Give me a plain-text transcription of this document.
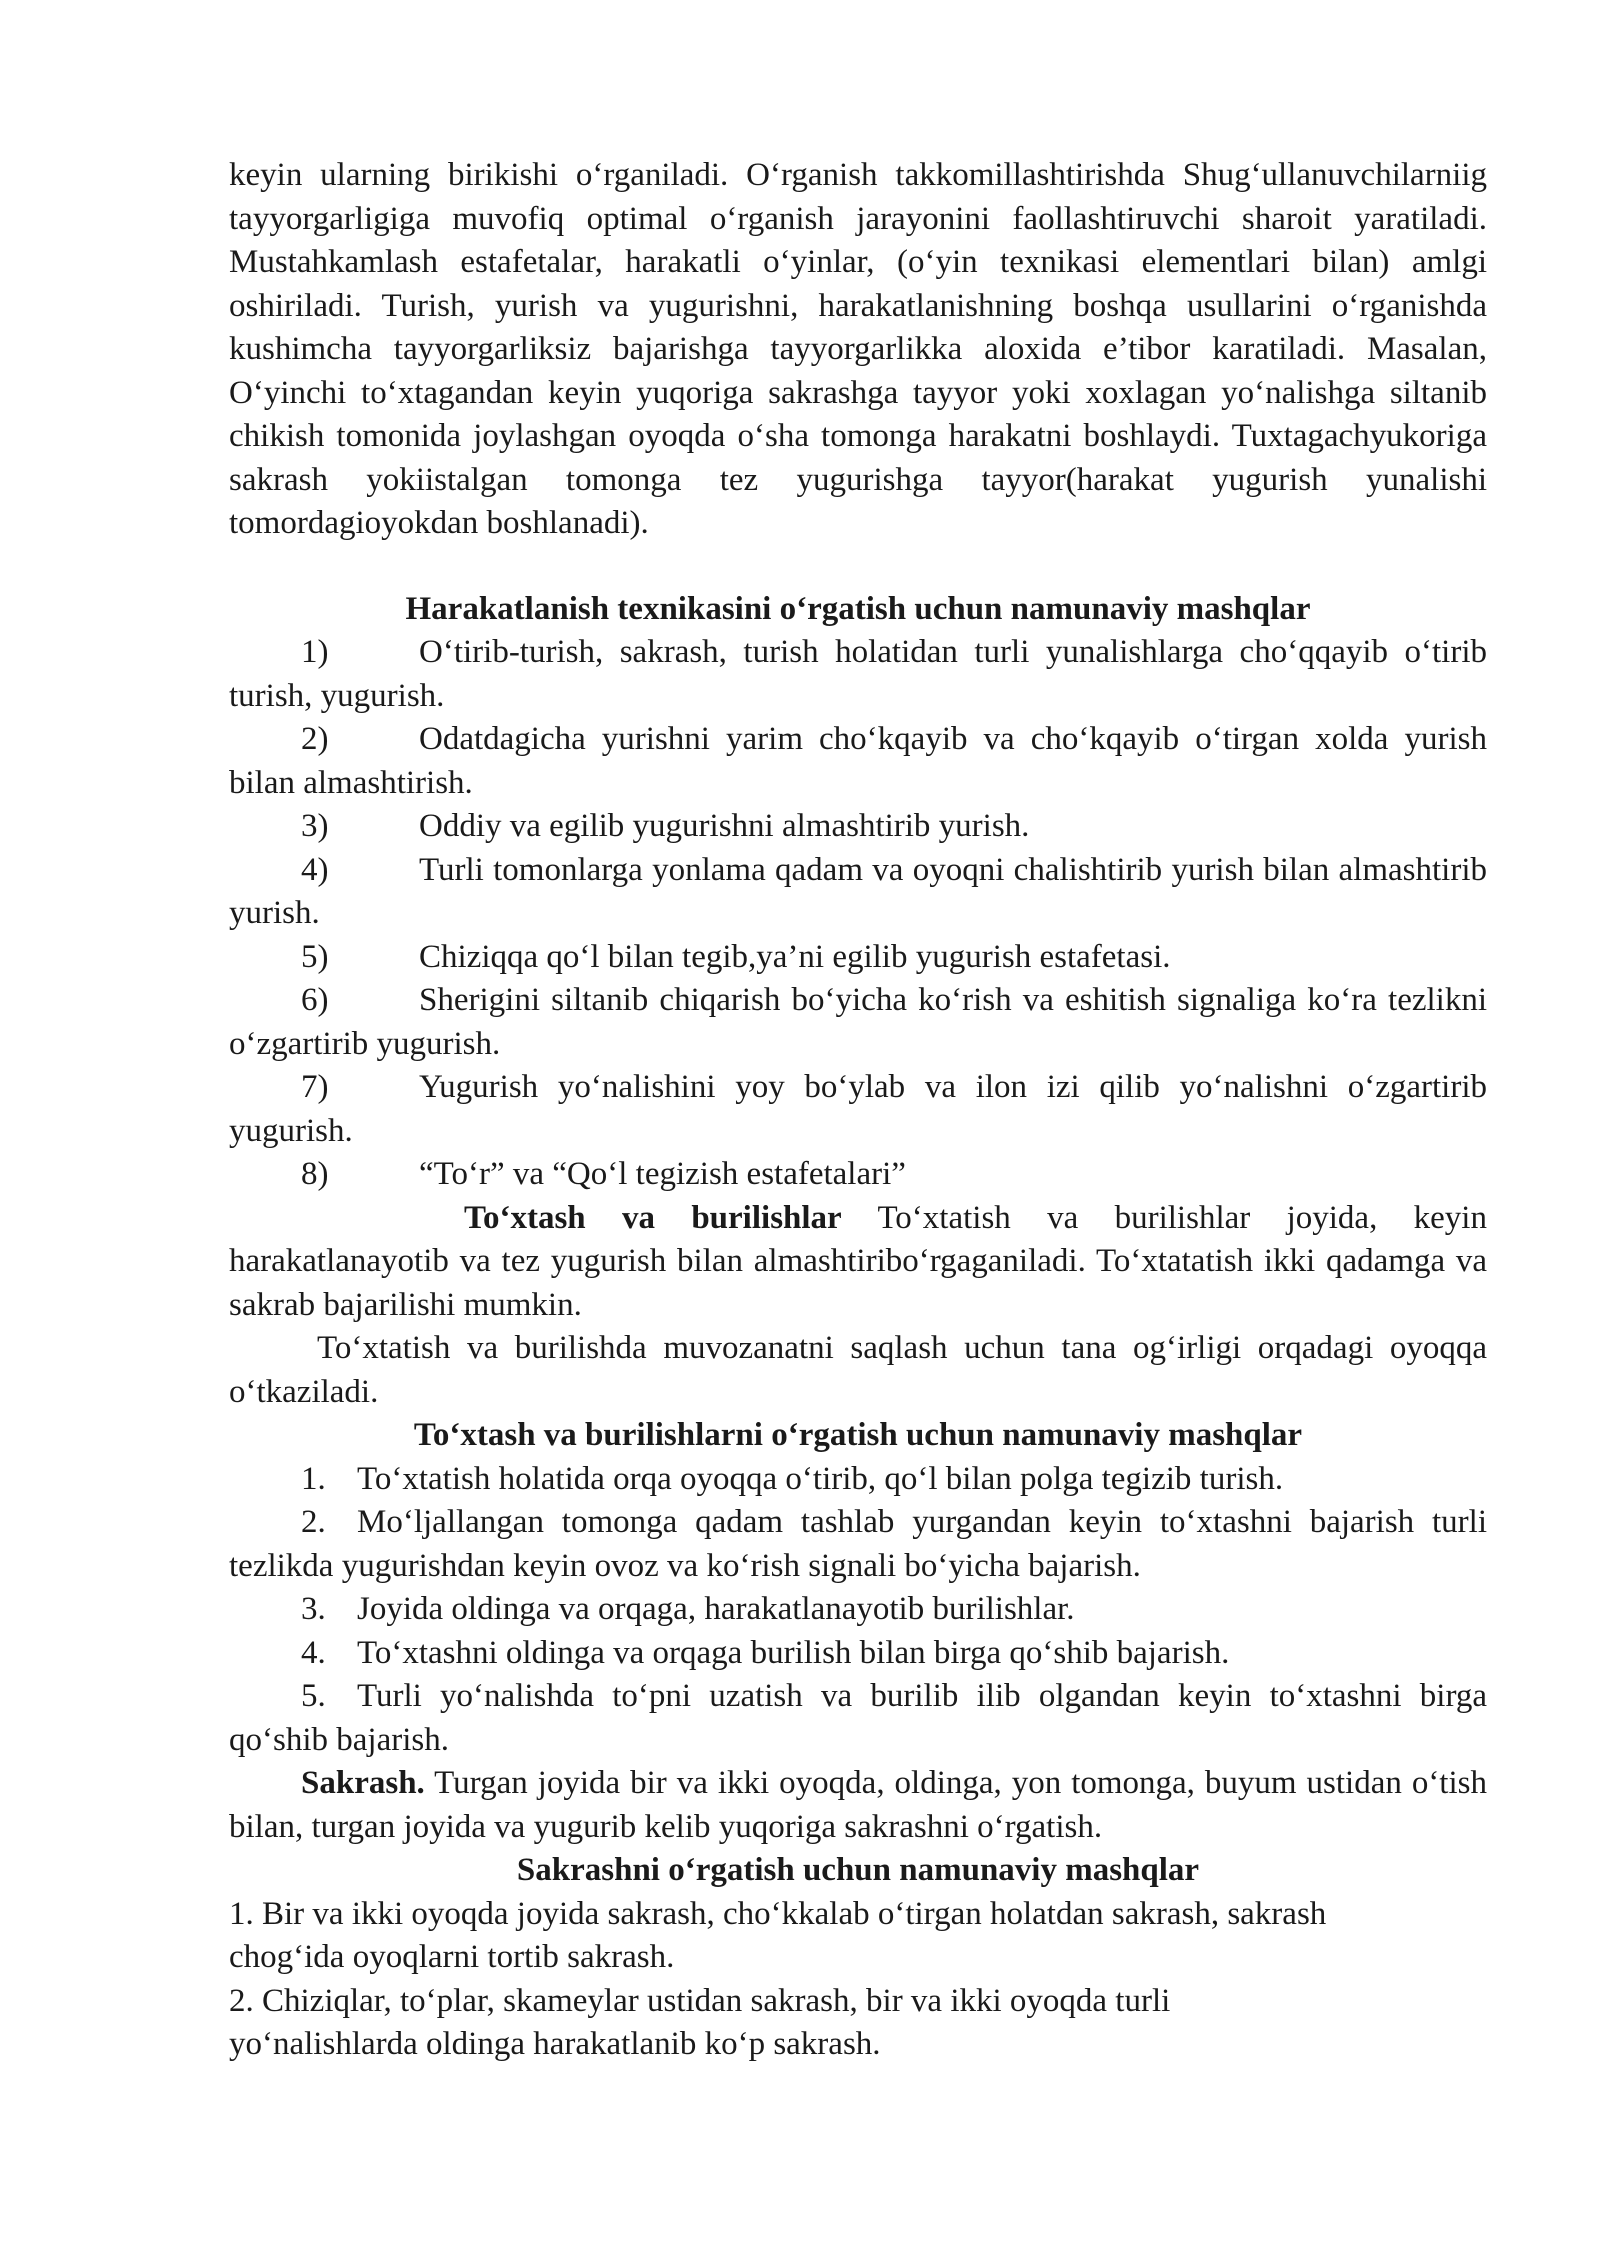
keyin ularning birikishi o‘rganiladi. O‘rganish takkomillashtirishda Shug‘ullanuvchilarniig tayyorgarligiga muvofiq optimal o‘rganish jarayonini faollashtiruvchi sharoit yaratiladi. Mustahkamlash estafetalar, harakatli o‘yinlar, (o‘yin texnikasi elementlari bilan) amlgi oshiriladi. Turish, yurish va yugurishni, harakatlanishning boshqa usullarini o‘rganishda kushimcha tayyorgarliksiz bajarishga tayyorgarlikka aloxida e’tibor karatiladi. Masalan, O‘yinchi to‘xtagandan keyin yuqoriga sakrashga tayyor yoki xoxlagan yo‘nalishga siltanib chikish tomonida joylashgan oyoqda o‘sha tomonga harakatni boshlaydi. Tuxtagachyukoriga sakrash yokiistalgan tomonga tez yugurishga tayyor(harakat yugurish yunalishi tomordagioyokdan boshlanadi).

Harakatlanish texnikasini o‘rgatish uchun namunaviy mashqlar

1)	O‘tirib-turish, sakrash, turish holatidan turli yunalishlarga cho‘qqayib o‘tirib turish, yugurish.

2)	Odatdagicha yurishni yarim cho‘kqayib va cho‘kqayib o‘tirgan xolda yurish bilan almashtirish.

3)	Oddiy va egilib yugurishni almashtirib yurish.

4)	Turli tomonlarga yonlama qadam va oyoqni chalishtirib yurish bilan almashtirib yurish.

5)	Chiziqqa qo‘l bilan tegib,ya’ni egilib yugurish estafetasi.

6)	Sherigini siltanib chiqarish bo‘yicha ko‘rish va eshitish signaliga ko‘ra tezlikni o‘zgartirib yugurish.

7)	Yugurish yo‘nalishini yoy bo‘ylab va ilon izi qilib yo‘nalishni o‘zgartirib yugurish.

8)	“To‘r” va “Qo‘l tegizish estafetalari”

To‘xtash va burilishlar To‘xtatish va burilishlar joyida, keyin harakatlanayotib va tez yugurish bilan almashtiribo‘rgaganiladi. To‘xtatatish ikki qadamga va sakrab bajarilishi mumkin.

To‘xtatish va burilishda muvozanatni saqlash uchun tana og‘irligi orqadagi oyoqqa o‘tkaziladi.

To‘xtash va burilishlarni o‘rgatish uchun namunaviy mashqlar

1. To‘xtatish holatida orqa oyoqqa o‘tirib, qo‘l bilan polga tegizib turish.

2. Mo‘ljallangan tomonga qadam tashlab yurgandan keyin to‘xtashni bajarish turli tezlikda yugurishdan keyin ovoz va ko‘rish signali bo‘yicha bajarish.

3. Joyida oldinga va orqaga, harakatlanayotib burilishlar.

4. To‘xtashni oldinga va orqaga burilish bilan birga qo‘shib bajarish.

5. Turli yo‘nalishda to‘pni uzatish va burilib ilib olgandan keyin to‘xtashni birga qo‘shib bajarish.

Sakrash. Turgan joyida bir va ikki oyoqda, oldinga, yon tomonga, buyum ustidan o‘tish bilan, turgan joyida va yugurib kelib yuqoriga sakrashni o‘rgatish.

Sakrashni o‘rgatish uchun namunaviy mashqlar

1. Bir va ikki oyoqda joyida sakrash, cho‘kkalab o‘tirgan holatdan sakrash, sakrash

chog‘ida oyoqlarni tortib sakrash.

2. Chiziqlar, to‘plar, skameylar ustidan sakrash, bir va ikki oyoqda turli

yo‘nalishlarda oldinga harakatlanib ko‘p sakrash.
